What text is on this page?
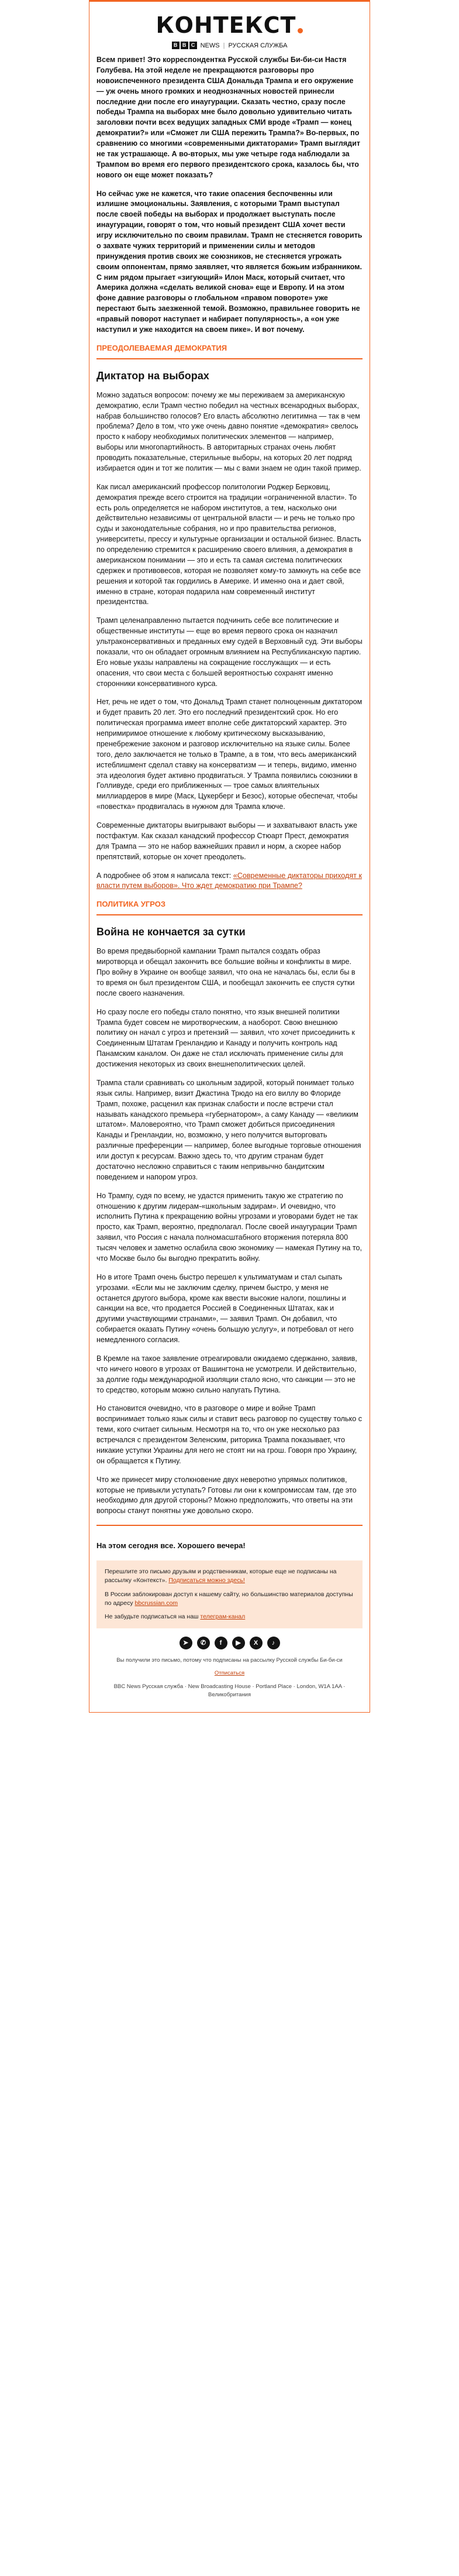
КОНТЕКСТ
B B C NEWS | РУССКАЯ СЛУЖБА

Всем привет! Это корреспондентка Русской службы Би-би-си Настя Голубева. На этой неделе не прекращаются разговоры про новоиспеченного президента США Дональда Трампа и его окружение — уж очень много громких и неоднозначных новостей принесли последние дни после его инаугурации. Сказать честно, сразу после победы Трампа на выборах мне было довольно удивительно читать заголовки почти всех ведущих западных СМИ вроде «Трамп — конец демократии?» или «Сможет ли США пережить Трампа?» Во-первых, по сравнению со многими «современными диктаторами» Трамп выглядит не так устрашающе. А во-вторых, мы уже четыре года наблюдали за Трампом во время его первого президентского срока, казалось бы, что нового он еще может показать?

Но сейчас уже не кажется, что такие опасения беспочвенны или излишне эмоциональны. Заявления, с которыми Трамп выступал после своей победы на выборах и продолжает выступать после инаугурации, говорят о том, что новый президент США хочет вести игру исключительно по своим правилам. Трамп не стесняется говорить о захвате чужих территорий и применении силы и методов принуждения против своих же союзников, не стесняется угрожать своим оппонентам, прямо заявляет, что является божьим избранником. С ним рядом прыгает «зигующий» Илон Маск, который считает, что Америка должна «сделать великой снова» еще и Европу. И на этом фоне давние разговоры о глобальном «правом повороте» уже перестают быть заезженной темой. Возможно, правильнее говорить не «правый поворот наступает и набирает популярность», а «он уже наступил и уже находится на своем пике». И вот почему.

ПРЕОДОЛЕВАЕМАЯ ДЕМОКРАТИЯ
Диктатор на выборах

Можно задаться вопросом: почему же мы переживаем за американскую демократию, если Трамп честно победил на честных всенародных выборах, набрав большинство голосов? Его власть абсолютно легитимна — так в чем проблема? Дело в том, что уже очень давно понятие «демократия» свелось просто к набору необходимых политических элементов — например, выборы или многопартийность. В авторитарных странах очень любят проводить показательные, стерильные выборы, на которых 20 лет подряд избирается один и тот же политик — мы с вами знаем не один такой пример.

Как писал американский профессор политологии Роджер Берковиц, демократия прежде всего строится на традиции «ограниченной власти». То есть роль определяется не набором институтов, а тем, насколько они действительно независимы от центральной власти — и речь не только про суды и законодательные собрания, но и про правительства регионов, университеты, прессу и культурные организации и остальной бизнес. Власть по определению стремится к расширению своего влияния, а демократия в американском понимании — это и есть та самая система политических сдержек и противовесов, которая не позволяет кому-то замкнуть на себе все решения и которой так гордились в Америке. И именно она и дает свой, именно в стране, которая подарила нам современный институт президентства.

Трамп целенаправленно пытается подчинить себе все политические и общественные институты — еще во время первого срока он назначил ультраконсервативных и преданных ему судей в Верховный суд. Эти выборы показали, что он обладает огромным влиянием на Республиканскую партию. Его новые указы направлены на сокращение госслужащих — и есть опасения, что свои места с большей вероятностью сохранят именно сторонники консервативного курса.

Нет, речь не идет о том, что Дональд Трамп станет полноценным диктатором и будет править 20 лет. Это его последний президентский срок. Но его политическая программа имеет вполне себе диктаторский характер. Это непримиримое отношение к любому критическому высказыванию, пренебрежение законом и разговор исключительно на языке силы. Более того, дело заключается не только в Трампе, а в том, что весь американский истеблишмент сделал ставку на консерватизм — и теперь, видимо, именно эта идеология будет активно продвигаться. У Трампа появились союзники в Голливуде, среди его приближенных — трое самых влиятельных миллиардеров в мире (Маск, Цукерберг и Безос), которые обеспечат, чтобы «повестка» продвигалась в нужном для Трампа ключе.

Современные диктаторы выигрывают выборы — и захватывают власть уже постфактум. Как сказал канадский профессор Стюарт Прест, демократия для Трампа — это не набор важнейших правил и норм, а скорее набор препятствий, которые он хочет преодолеть.

А подробнее об этом я написала текст: «Современные диктаторы приходят к власти путем выборов». Что ждет демократию при Трампе?

ПОЛИТИКА УГРОЗ
Война не кончается за сутки

Во время предвыборной кампании Трамп пытался создать образ миротворца и обещал закончить все большие войны и конфликты в мире. Про войну в Украине он вообще заявил, что она не началась бы, если бы в то время он был президентом США, и пообещал закончить ее спустя сутки после своего назначения.

Но сразу после его победы стало понятно, что язык внешней политики Трампа будет совсем не миротворческим, а наоборот. Свою внешнюю политику он начал с угроз и претензий — заявил, что хочет присоединить к Соединенным Штатам Гренландию и Канаду и получить контроль над Панамским каналом. Он даже не стал исключать применение силы для достижения некоторых из своих внешнеполитических целей.

Трампа стали сравнивать со школьным задирой, который понимает только язык силы. Например, визит Джастина Трюдо на его виллу во Флориде Трамп, похоже, расценил как признак слабости и после встречи стал называть канадского премьера «губернатором», а саму Канаду — «великим штатом». Маловероятно, что Трамп сможет добиться присоединения Канады и Гренландии, но, возможно, у него получится выторговать различные преференции — например, более выгодные торговые отношения или доступ к ресурсам. Важно здесь то, что другим странам будет достаточно несложно справиться с таким непривычно бандитским поведением и напором угроз.

Но Трампу, судя по всему, не удастся применить такую же стратегию по отношению к другим лидерам-«школьным задирам». И очевидно, что исполнить Путина к прекращению войны угрозами и уговорами будет не так просто, как Трамп, вероятно, предполагал. После своей инаугурации Трамп заявил, что Россия с начала полномасштабного вторжения потеряла 800 тысяч человек и заметно ослабила свою экономику — намекая Путину на то, что Москве было бы выгодно прекратить войну.

Но в итоге Трамп очень быстро перешел к ультиматумам и стал сыпать угрозами. «Если мы не заключим сделку, причем быстро, у меня не останется другого выбора, кроме как ввести высокие налоги, пошлины и санкции на все, что продается Россией в Соединенных Штатах, как и другими участвующими странами», — заявил Трамп. Он добавил, что собирается оказать Путину «очень большую услугу», и потребовал от него немедленного согласия.

В Кремле на такое заявление отреагировали ожидаемо сдержанно, заявив, что ничего нового в угрозах от Вашингтона не усмотрели. И действительно, за долгие годы международной изоляции стало ясно, что санкции — это не то средство, которым можно сильно напугать Путина.

Но становится очевидно, что в разговоре о мире и войне Трамп воспринимает только язык силы и ставит весь разговор по существу только с теми, кого считает сильным. Несмотря на то, что он уже несколько раз встречался с президентом Зеленским, риторика Трампа показывает, что никакие уступки Украины для него не стоят ни на грош. Говоря про Украину, он обращается к Путину.

Что же принесет миру столкновение двух неверотно упрямых политиков, которые не привыкли уступать? Готовы ли они к компромиссам там, где это необходимо для другой стороны? Можно предположить, что ответы на эти вопросы станут понятны уже довольно скоро.

На этом сегодня все. Хорошего вечера!
Перешлите это письмо друзьям и родственникам, которые еще не подписаны на рассылку «Контекст». Подписаться можно здесь!
В России заблокирован доступ к нашему сайту, но большинство материалов доступны по адресу bbcrussian.com
Не забудьте подписаться на наш телеграм-канал
➤	✆	f	▶	X	♪
Вы получили это письмо, потому что подписаны на рассылку Русской службы Би-би-си
Отписаться
BBC News Русская служба · New Broadcasting House · Portland Place · London, W1A 1AA · Великобритания
